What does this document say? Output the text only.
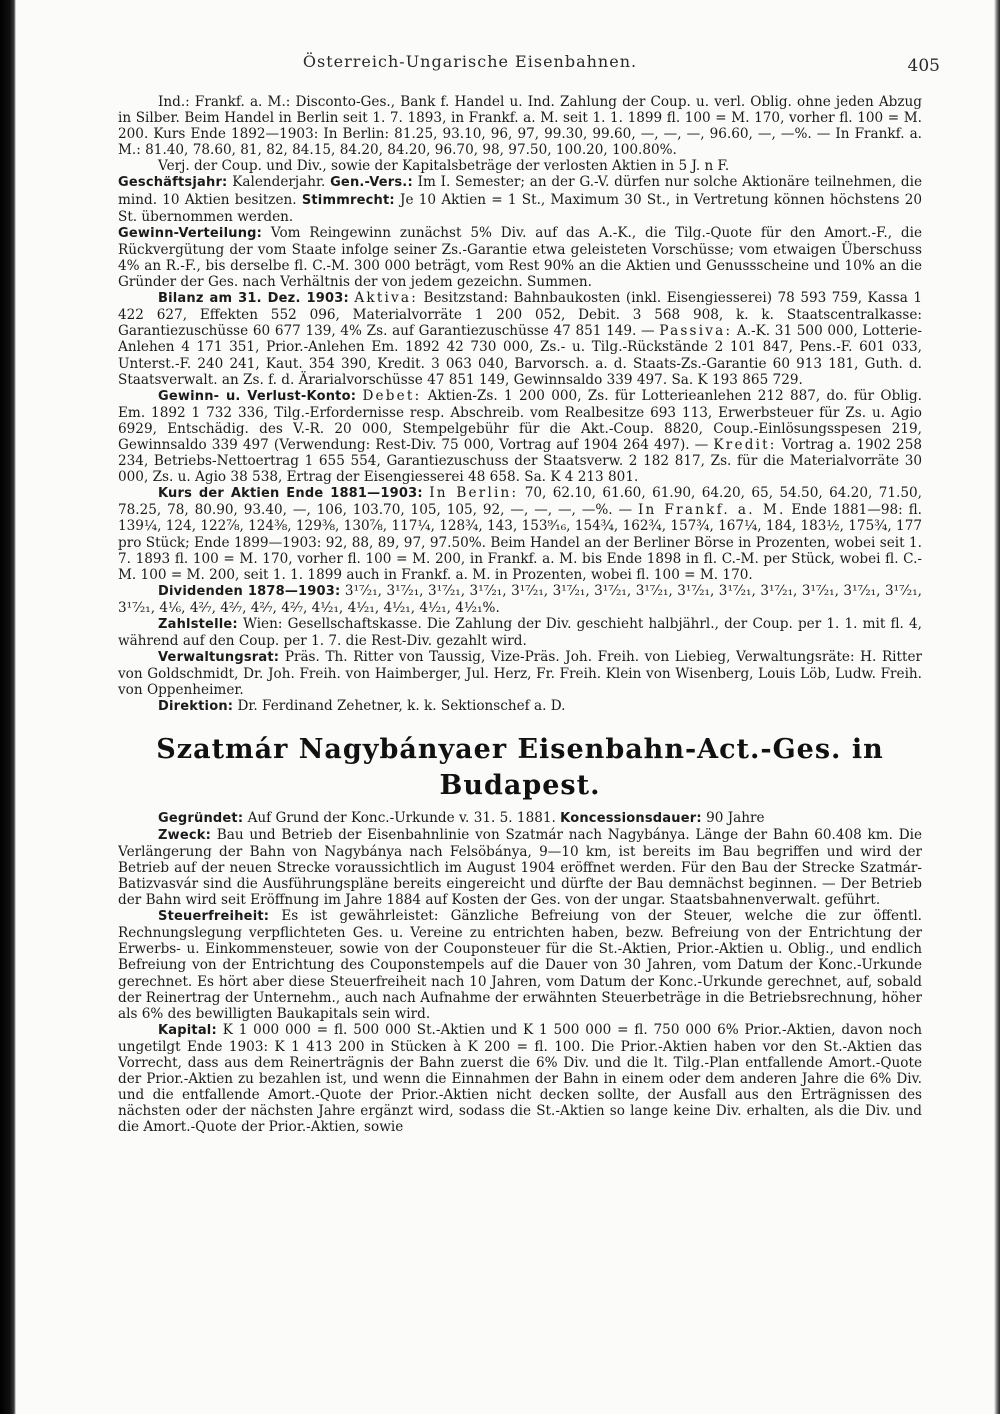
Österreich-Ungarische Eisenbahnen.	405

Ind.: Frankf. a. M.: Disconto-Ges., Bank f. Handel u. Ind. Zahlung der Coup. u. verl. Oblig. ohne jeden Abzug in Silber. Beim Handel in Berlin seit 1. 7. 1893, in Frankf. a. M. seit 1. 1. 1899 fl. 100 = M. 170, vorher fl. 100 = M. 200. Kurs Ende 1892—1903: In Berlin: 81.25, 93.10, 96, 97, 99.30, 99.60, —, —, —, 96.60, —, —%. — In Frankf. a. M.: 81.40, 78.60, 81, 82, 84.15, 84.20, 84.20, 96.70, 98, 97.50, 100.20, 100.80%.

Verj. der Coup. und Div., sowie der Kapitalsbeträge der verlosten Aktien in 5 J. n F.

Geschäftsjahr: Kalenderjahr. Gen.-Vers.: Im I. Semester; an der G.-V. dürfen nur solche Aktionäre teilnehmen, die mind. 10 Aktien besitzen. Stimmrecht: Je 10 Aktien = 1 St., Maximum 30 St., in Vertretung können höchstens 20 St. übernommen werden.

Gewinn-Verteilung: Vom Reingewinn zunächst 5% Div. auf das A.-K., die Tilg.-Quote für den Amort.-F., die Rückvergütung der vom Staate infolge seiner Zs.-Garantie etwa geleisteten Vorschüsse; vom etwaigen Überschuss 4% an R.-F., bis derselbe fl. C.-M. 300 000 beträgt, vom Rest 90% an die Aktien und Genussscheine und 10% an die Gründer der Ges. nach Verhältnis der von jedem gezeichn. Summen.

Bilanz am 31. Dez. 1903: Aktiva: Besitzstand: Bahnbaukosten (inkl. Eisengiesserei) 78 593 759, Kassa 1 422 627, Effekten 552 096, Materialvorräte 1 200 052, Debit. 3 568 908, k. k. Staatscentralkasse: Garantiezuschüsse 60 677 139, 4% Zs. auf Garantiezuschüsse 47 851 149. — Passiva: A.-K. 31 500 000, Lotterie-Anlehen 4 171 351, Prior.-Anlehen Em. 1892 42 730 000, Zs.- u. Tilg.-Rückstände 2 101 847, Pens.-F. 601 033, Unterst.-F. 240 241, Kaut. 354 390, Kredit. 3 063 040, Barvorsch. a. d. Staats-Zs.-Garantie 60 913 181, Guth. d. Staatsverwalt. an Zs. f. d. Ärarialvorschüsse 47 851 149, Gewinnsaldo 339 497. Sa. K 193 865 729.

Gewinn- u. Verlust-Konto: Debet: Aktien-Zs. 1 200 000, Zs. für Lotterieanlehen 212 887, do. für Oblig. Em. 1892 1 732 336, Tilg.-Erfordernisse resp. Abschreib. vom Realbesitze 693 113, Erwerbsteuer für Zs. u. Agio 6929, Entschädig. des V.-R. 20 000, Stempelgebühr für die Akt.-Coup. 8820, Coup.-Einlösungsspesen 219, Gewinnsaldo 339 497 (Verwendung: Rest-Div. 75 000, Vortrag auf 1904 264 497). — Kredit: Vortrag a. 1902 258 234, Betriebs-Nettoertrag 1 655 554, Garantiezuschuss der Staatsverw. 2 182 817, Zs. für die Materialvorräte 30 000, Zs. u. Agio 38 538, Ertrag der Eisengiesserei 48 658. Sa. K 4 213 801.

Kurs der Aktien Ende 1881—1903: In Berlin: 70, 62.10, 61.60, 61.90, 64.20, 65, 54.50, 64.20, 71.50, 78.25, 78, 80.90, 93.40, —, 106, 103.70, 105, 105, 92, —, —, —, —%. — In Frankf. a. M. Ende 1881—98: fl. 139¼, 124, 122⅞, 124⅜, 129⅜, 130⅞, 117¼, 128¾, 143, 153⁹⁄₁₆, 154¾, 162¾, 157¾, 167¼, 184, 183½, 175¾, 177 pro Stück; Ende 1899—1903: 92, 88, 89, 97, 97.50%. Beim Handel an der Berliner Börse in Prozenten, wobei seit 1. 7. 1893 fl. 100 = M. 170, vorher fl. 100 = M. 200, in Frankf. a. M. bis Ende 1898 in fl. C.-M. per Stück, wobei fl. C.-M. 100 = M. 200, seit 1. 1. 1899 auch in Frankf. a. M. in Prozenten, wobei fl. 100 = M. 170.

Dividenden 1878—1903: 3¹⁷⁄₂₁, 3¹⁷⁄₂₁, 3¹⁷⁄₂₁, 3¹⁷⁄₂₁, 3¹⁷⁄₂₁, 3¹⁷⁄₂₁, 3¹⁷⁄₂₁, 3¹⁷⁄₂₁, 3¹⁷⁄₂₁, 3¹⁷⁄₂₁, 3¹⁷⁄₂₁, 3¹⁷⁄₂₁, 3¹⁷⁄₂₁, 3¹⁷⁄₂₁, 3¹⁷⁄₂₁, 4¹⁄₆, 4²⁄₇, 4²⁄₇, 4²⁄₇, 4²⁄₇, 4¹⁄₂₁, 4¹⁄₂₁, 4¹⁄₂₁, 4¹⁄₂₁, 4¹⁄₂₁%.

Zahlstelle: Wien: Gesellschaftskasse. Die Zahlung der Div. geschieht halbjährl., der Coup. per 1. 1. mit fl. 4, während auf den Coup. per 1. 7. die Rest-Div. gezahlt wird.

Verwaltungsrat: Präs. Th. Ritter von Taussig, Vize-Präs. Joh. Freih. von Liebieg, Verwaltungsräte: H. Ritter von Goldschmidt, Dr. Joh. Freih. von Haimberger, Jul. Herz, Fr. Freih. Klein von Wisenberg, Louis Löb, Ludw. Freih. von Oppenheimer.

Direktion: Dr. Ferdinand Zehetner, k. k. Sektionschef a. D.

Szatmár Nagybányaer Eisenbahn-Act.-Ges. in Budapest.

Gegründet: Auf Grund der Konc.-Urkunde v. 31. 5. 1881. Koncessionsdauer: 90 Jahre

Zweck: Bau und Betrieb der Eisenbahnlinie von Szatmár nach Nagybánya. Länge der Bahn 60.408 km. Die Verlängerung der Bahn von Nagybánya nach Felsöbánya, 9—10 km, ist bereits im Bau begriffen und wird der Betrieb auf der neuen Strecke voraussichtlich im August 1904 eröffnet werden. Für den Bau der Strecke Szatmár-Batizvasvár sind die Ausführungspläne bereits eingereicht und dürfte der Bau demnächst beginnen. — Der Betrieb der Bahn wird seit Eröffnung im Jahre 1884 auf Kosten der Ges. von der ungar. Staatsbahnenverwalt. geführt.

Steuerfreiheit: Es ist gewährleistet: Gänzliche Befreiung von der Steuer, welche die zur öffentl. Rechnungslegung verpflichteten Ges. u. Vereine zu entrichten haben, bezw. Befreiung von der Entrichtung der Erwerbs- u. Einkommensteuer, sowie von der Couponsteuer für die St.-Aktien, Prior.-Aktien u. Oblig., und endlich Befreiung von der Entrichtung des Couponstempels auf die Dauer von 30 Jahren, vom Datum der Konc.-Urkunde gerechnet. Es hört aber diese Steuerfreiheit nach 10 Jahren, vom Datum der Konc.-Urkunde gerechnet, auf, sobald der Reinertrag der Unternehm., auch nach Aufnahme der erwähnten Steuerbeträge in die Betriebsrechnung, höher als 6% des bewilligten Baukapitals sein wird.

Kapital: K 1 000 000 = fl. 500 000 St.-Aktien und K 1 500 000 = fl. 750 000 6% Prior.-Aktien, davon noch ungetilgt Ende 1903: K 1 413 200 in Stücken à K 200 = fl. 100. Die Prior.-Aktien haben vor den St.-Aktien das Vorrecht, dass aus dem Reinerträgnis der Bahn zuerst die 6% Div. und die lt. Tilg.-Plan entfallende Amort.-Quote der Prior.-Aktien zu bezahlen ist, und wenn die Einnahmen der Bahn in einem oder dem anderen Jahre die 6% Div. und die entfallende Amort.-Quote der Prior.-Aktien nicht decken sollte, der Ausfall aus den Erträgnissen des nächsten oder der nächsten Jahre ergänzt wird, sodass die St.-Aktien so lange keine Div. erhalten, als die Div. und die Amort.-Quote der Prior.-Aktien, sowie
